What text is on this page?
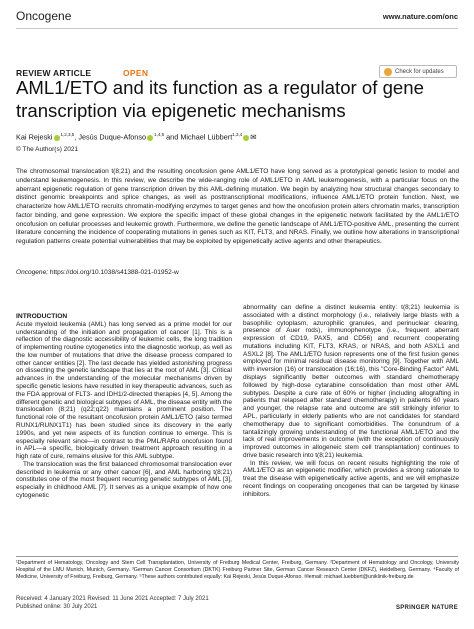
Oncogene	www.nature.com/onc
REVIEW ARTICLE	OPEN	Check for updates
AML1/ETO and its function as a regulator of gene transcription via epigenetic mechanisms
Kai Rejeski $^{1,2,3,5}$, Jesús Duque-Afonso $^{1,4,5}$ and Michael Lübbert$^{1,3,4}$ ✉
© The Author(s) 2021
The chromosomal translocation t(8;21) and the resulting oncofusion gene AML1/ETO have long served as a prototypical genetic lesion to model and understand leukemogenesis. In this review, we describe the wide-ranging role of AML1/ETO in AML leukemogenesis, with a particular focus on the aberrant epigenetic regulation of gene transcription driven by this AML-defining mutation. We begin by analyzing how structural changes secondary to distinct genomic breakpoints and splice changes, as well as posttranscriptional modifications, influence AML1/ETO protein function. Next, we characterize how AML1/ETO recruits chromatin-modifying enzymes to target genes and how the oncofusion protein alters chromatin marks, transcription factor binding, and gene expression. We explore the specific impact of these global changes in the epigenetic network facilitated by the AML1/ETO oncofusion on cellular processes and leukemic growth. Furthermore, we define the genetic landscape of AML1/ETO-positive AML, presenting the current literature concerning the incidence of cooperating mutations in genes such as KIT, FLT3, and NRAS. Finally, we outline how alterations in transcriptional regulation patterns create potential vulnerabilities that may be exploited by epigenetically active agents and other therapeutics.
Oncogene; https://doi.org/10.1038/s41388-021-01952-w

INTRODUCTION

Acute myeloid leukemia (AML) has long served as a prime model for our understanding of the initiation and propagation of cancer [1]. This is a reflection of the diagnostic accessibility of leukemic cells, the long tradition of implementing routine cytogenetics into the diagnostic workup, as well as the low number of mutations that drive the disease process compared to other cancer entities [2]. The last decade has yielded astonishing progress on dissecting the genetic landscape that lies at the root of AML [3]. Critical advances in the understanding of the molecular mechanisms driven by specific genetic lesions have resulted in key therapeutic advances, such as the FDA approval of FLT3- and IDH1/2-directed therapies [4, 5]. Among the different genetic and biological subtypes of AML, the disease entity with the translocation (8;21) (q22;q22) maintains a prominent position. The functional role of the resultant oncofusion protein AML1/ETO (also termed RUNX1/RUNX1T1) has been studied since its discovery in the early 1990s, and yet new aspects of its function continue to emerge. This is especially relevant since—in contrast to the PML/RARα oncofusion found in APL—a specific, biologically driven treatment approach resulting in a high rate of cure, remains elusive for this AML subtype.

The translocation was the first balanced chromosomal translocation ever described in leukemia or any other cancer [6], and AML harboring t(8;21) constitutes one of the most frequent recurring genetic subtypes of AML [3], especially in childhood AML [7]. It serves as a unique example of how one cytogenetic

abnormality can define a distinct leukemia entity: t(8;21) leukemia is associated with a distinct morphology (i.e., relatively large blasts with a basophilic cytoplasm, azurophilic granules, and perinuclear clearing, presence of Auer rods), immunophenotype (i.e., frequent aberrant expression of CD19, PAX5, and CD56) and recurrent cooperating mutations including KIT, FLT3, KRAS, or NRAS, and both ASXL1 and ASXL2 [8]. The AML1/ETO fusion represents one of the first fusion genes employed for minimal residual disease monitoring [9]. Together with AML with inversion (16) or translocation (16;16), this "Core-Binding Factor" AML displays significantly better outcomes with standard chemotherapy followed by high-dose cytarabine consolidation than most other AML subtypes. Despite a cure rate of 60% or higher (including allografting in patients that relapsed after standard chemotherapy) in patients 60 years and younger, the relapse rate and outcome are still strikingly inferior to APL, particularly in elderly patients who are not candidates for standard chemotherapy due to significant comorbidities. The conundrum of a tantalizingly growing understanding of the functional AML1/ETO and the lack of real improvements in outcome (with the exception of continuously improved outcomes in allogeneic stem cell transplantation) continues to drive basic research into t(8;21) leukemia.

In this review, we will focus on recent results highlighting the role of AML1/ETO as an epigenetic modifier, which provides a strong rationale to treat the disease with epigenetically active agents, and we will emphasize recent findings on cooperating oncogenes that can be targeted by kinase inhibitors.

¹Department of Hematology, Oncology and Stem Cell Transplantation, University of Freiburg Medical Center, Freiburg, Germany. ²Department of Hematology and Oncology, University Hospital of the LMU Munich, Munich, Germany. ³German Cancer Consortium (DKTK) Freiburg Partner Site, German Cancer Research Center (DKFZ), Heidelberg, Germany. ⁴Faculty of Medicine, University of Freiburg, Freiburg, Germany. ⁵These authors contributed equally: Kai Rejeski, Jesús Duque-Afonso. ✉email: michael.luebbert@uniklinik-freiburg.de
Received: 4 January 2021 Revised: 11 June 2021 Accepted: 7 July 2021
Published online: 30 July 2021	SPRINGER NATURE
